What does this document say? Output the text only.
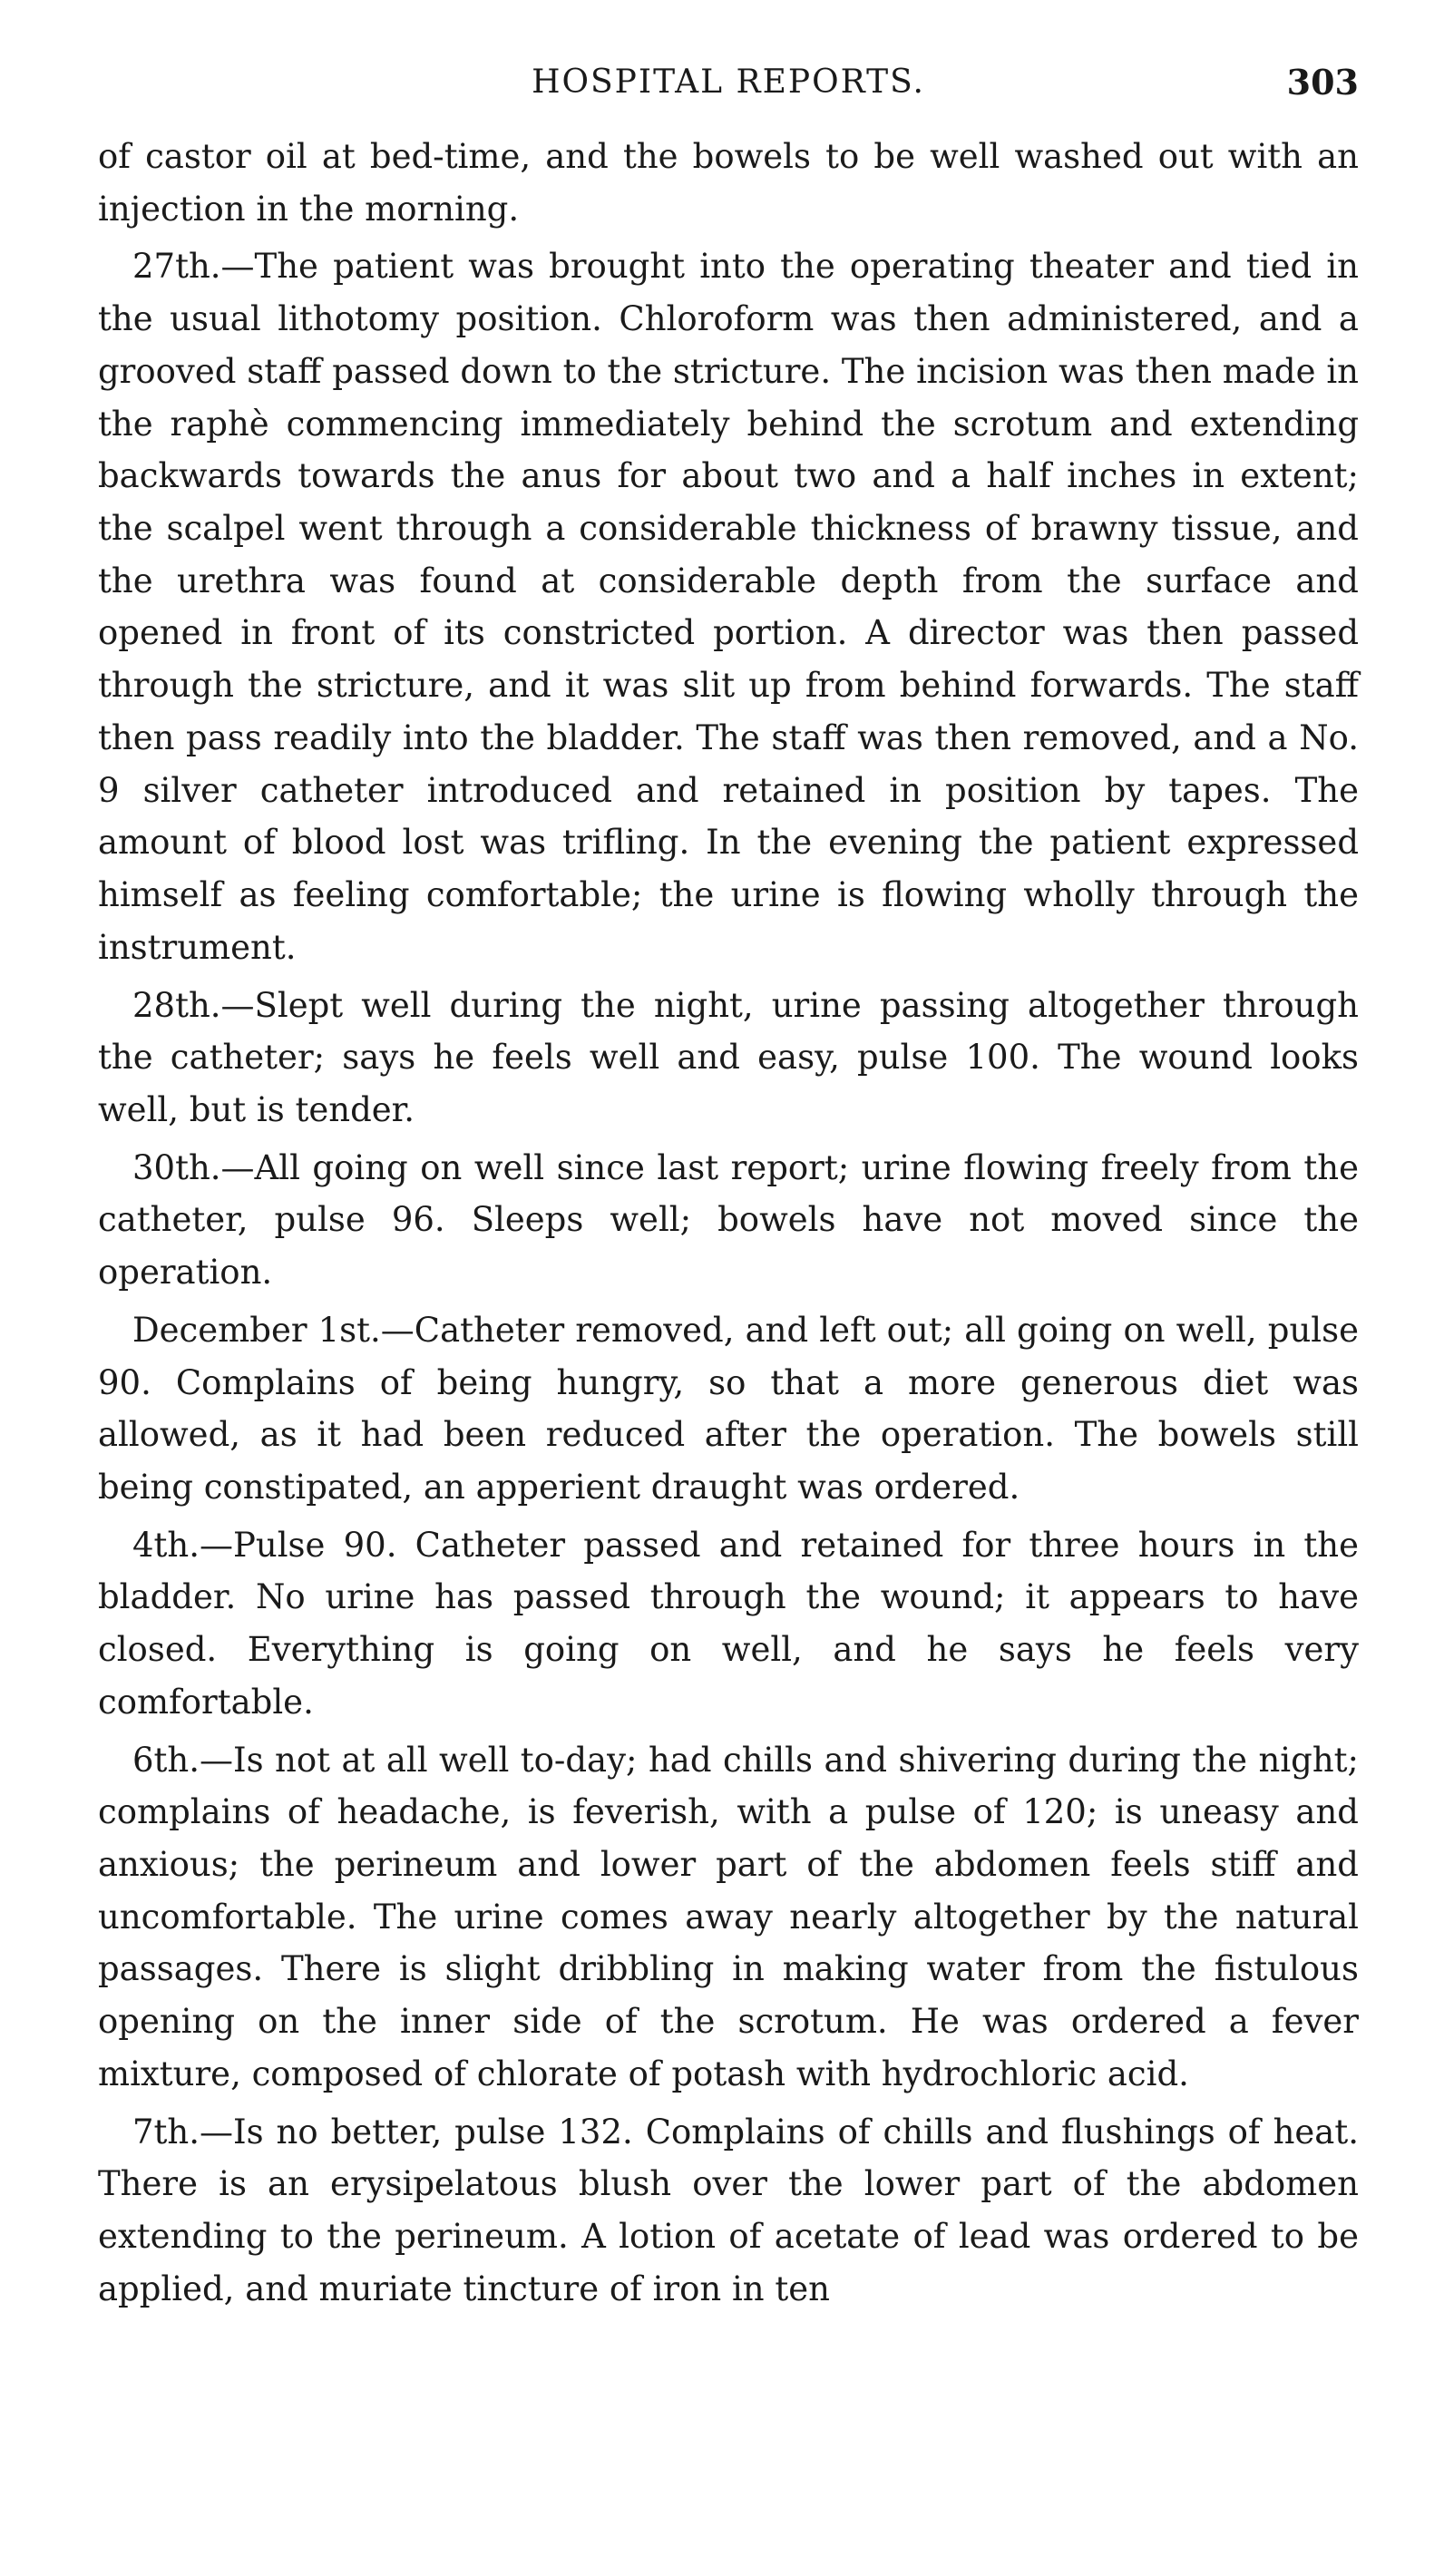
HOSPITAL REPORTS.	303

of castor oil at bed-time, and the bowels to be well washed out with an injection in the morning.

27th.—The patient was brought into the operating theater and tied in the usual lithotomy position. Chloroform was then administered, and a grooved staff passed down to the stricture. The incision was then made in the raphè commencing immediately behind the scrotum and extending backwards towards the anus for about two and a half inches in extent; the scalpel went through a considerable thickness of brawny tissue, and the urethra was found at considerable depth from the surface and opened in front of its constricted portion. A director was then passed through the stricture, and it was slit up from behind forwards. The staff then pass readily into the bladder. The staff was then removed, and a No. 9 silver catheter introduced and retained in position by tapes. The amount of blood lost was trifling. In the evening the patient expressed himself as feeling comfortable; the urine is flowing wholly through the instrument.

28th.—Slept well during the night, urine passing altogether through the catheter; says he feels well and easy, pulse 100. The wound looks well, but is tender.

30th.—All going on well since last report; urine flowing freely from the catheter, pulse 96. Sleeps well; bowels have not moved since the operation.

December 1st.—Catheter removed, and left out; all going on well, pulse 90. Complains of being hungry, so that a more generous diet was allowed, as it had been reduced after the operation. The bowels still being constipated, an apperient draught was ordered.

4th.—Pulse 90. Catheter passed and retained for three hours in the bladder. No urine has passed through the wound; it appears to have closed. Everything is going on well, and he says he feels very comfortable.

6th.—Is not at all well to-day; had chills and shivering during the night; complains of headache, is feverish, with a pulse of 120; is uneasy and anxious; the perineum and lower part of the abdomen feels stiff and uncomfortable. The urine comes away nearly altogether by the natural passages. There is slight dribbling in making water from the fistulous opening on the inner side of the scrotum. He was ordered a fever mixture, composed of chlorate of potash with hydrochloric acid.

7th.—Is no better, pulse 132. Complains of chills and flushings of heat. There is an erysipelatous blush over the lower part of the abdomen extending to the perineum. A lotion of acetate of lead was ordered to be applied, and muriate tincture of iron in ten
